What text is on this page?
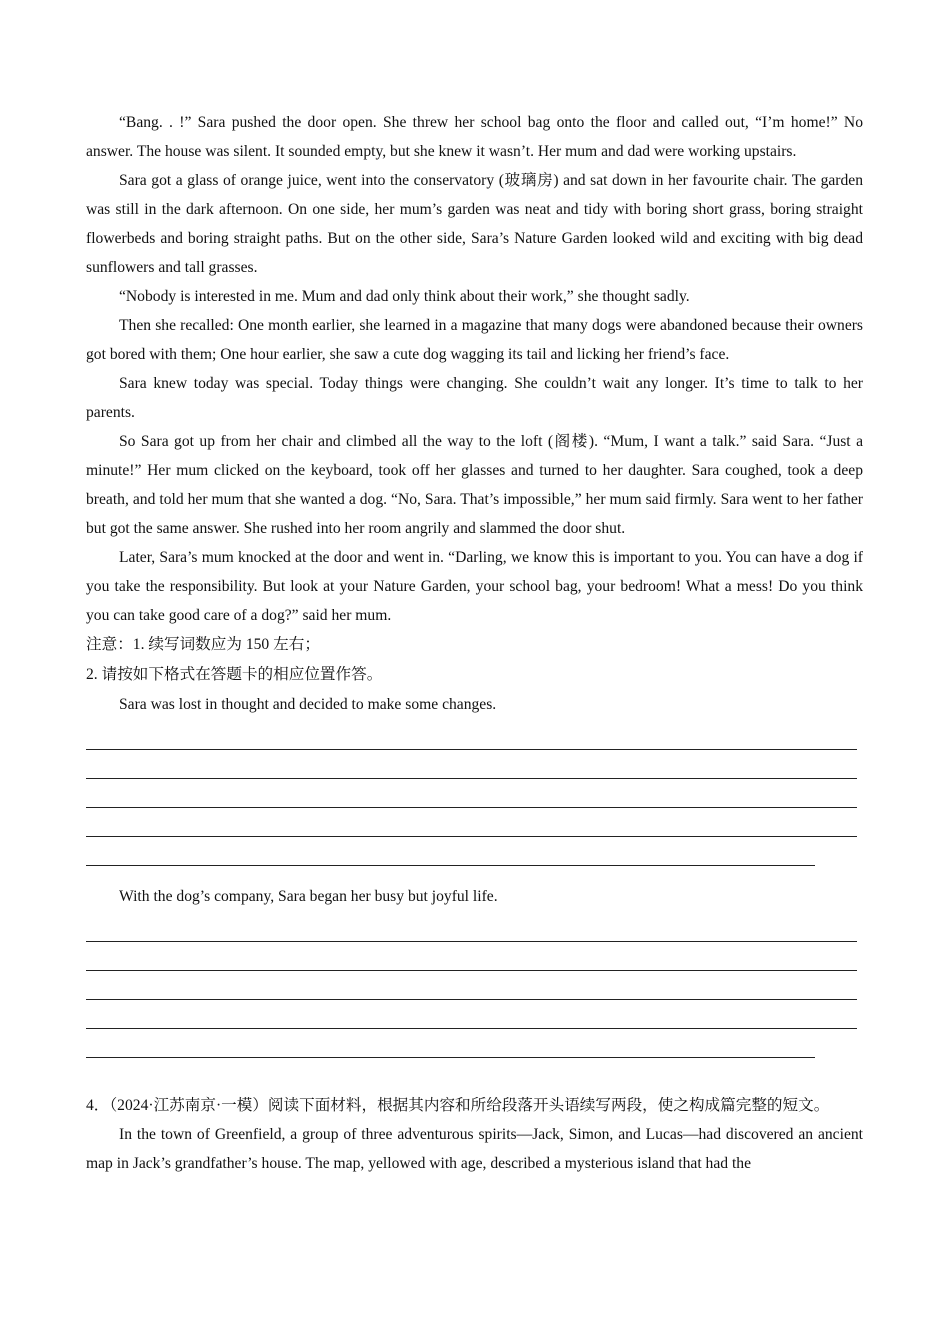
“Bang. . !” Sara pushed the door open. She threw her school bag onto the floor and called out, “I’m home!” No answer. The house was silent. It sounded empty, but she knew it wasn’t. Her mum and dad were working upstairs.

Sara got a glass of orange juice, went into the conservatory (玻璃房) and sat down in her favourite chair. The garden was still in the dark afternoon. On one side, her mum’s garden was neat and tidy with boring short grass, boring straight flowerbeds and boring straight paths. But on the other side, Sara’s Nature Garden looked wild and exciting with big dead sunflowers and tall grasses.

“Nobody is interested in me. Mum and dad only think about their work,” she thought sadly.

Then she recalled: One month earlier, she learned in a magazine that many dogs were abandoned because their owners got bored with them; One hour earlier, she saw a cute dog wagging its tail and licking her friend’s face.

Sara knew today was special. Today things were changing. She couldn’t wait any longer. It’s time to talk to her parents.

So Sara got up from her chair and climbed all the way to the loft (阁楼). “Mum, I want a talk.” said Sara. “Just a minute!” Her mum clicked on the keyboard, took off her glasses and turned to her daughter. Sara coughed, took a deep breath, and told her mum that she wanted a dog. “No, Sara. That’s impossible,” her mum said firmly. Sara went to her father but got the same answer. She rushed into her room angrily and slammed the door shut.

Later, Sara’s mum knocked at the door and went in. “Darling, we know this is important to you. You can have a dog if you take the responsibility. But look at your Nature Garden, your school bag, your bedroom! What a mess! Do you think you can take good care of a dog?” said her mum.

注意：1. 续写词数应为 150 左右；

2. 请按如下格式在答题卡的相应位置作答。

Sara was lost in thought and decided to make some changes.

With the dog’s company, Sara began her busy but joyful life.

4．（2024·江苏南京·一模）阅读下面材料，根据其内容和所给段落开头语续写两段，使之构成篇完整的短文。

In the town of Greenfield, a group of three adventurous spirits—Jack, Simon, and Lucas—had discovered an ancient map in Jack’s grandfather’s house. The map, yellowed with age, described a mysterious island that had the
